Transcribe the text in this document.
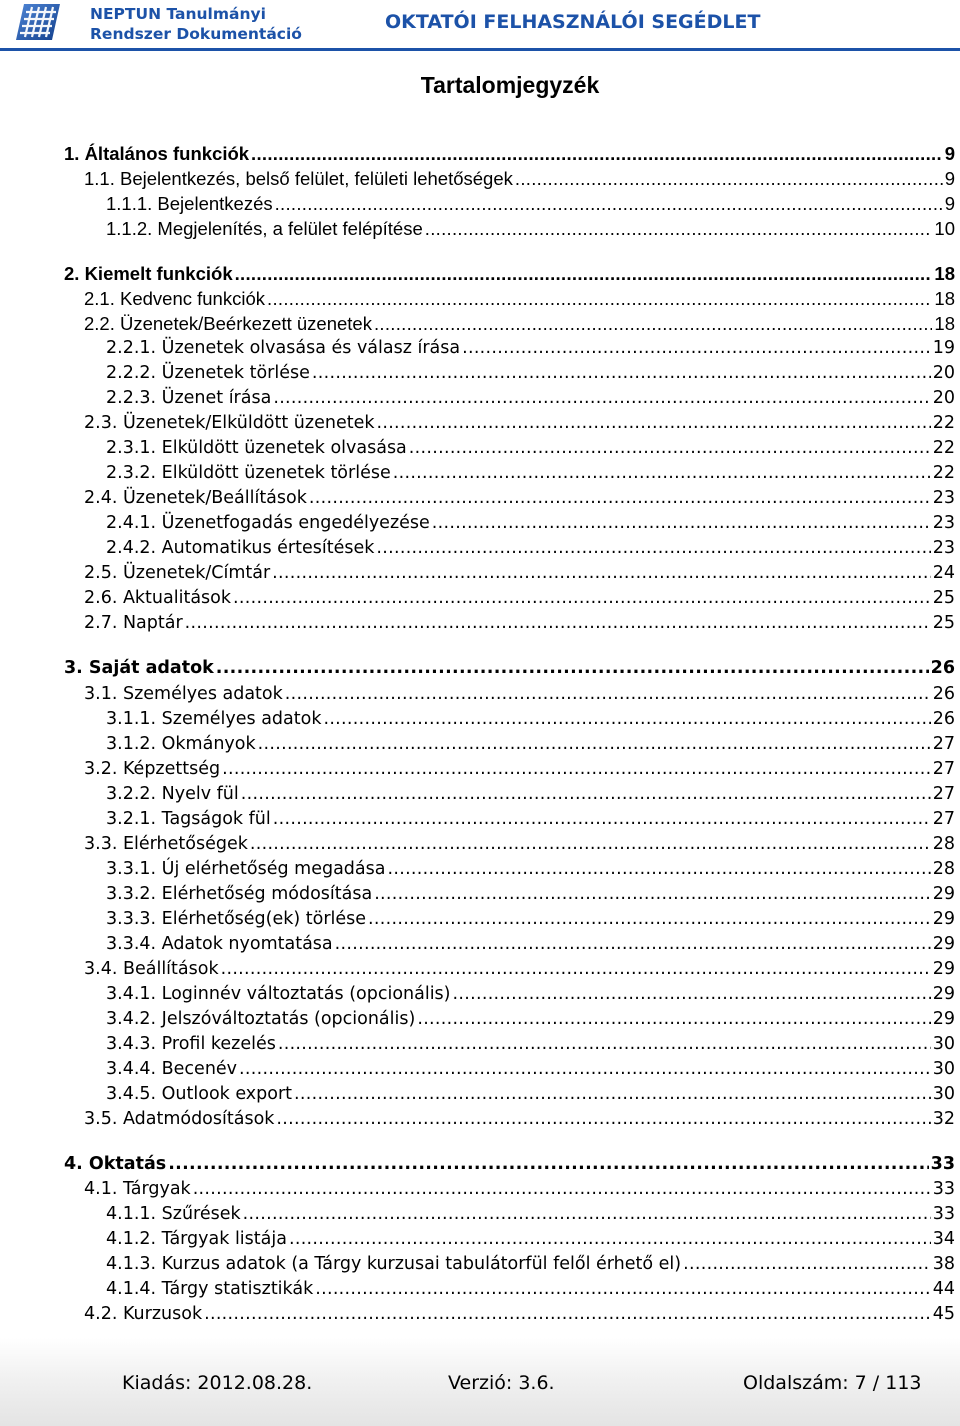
NEPTUN Tanulmányi
Rendszer Dokumentáció
OKTATÓI FELHASZNÁLÓI SEGÉDLET
Tartalomjegyzék
1. Általános funkciók .....	9
1.1. Bejelentkezés, belső felület, felületi lehetőségek .....	9
1.1.1. Bejelentkezés .....	9
1.1.2. Megjelenítés, a felület felépítése .....	10
2. Kiemelt funkciók .....	18
2.1. Kedvenc funkciók .....	18
2.2. Üzenetek/Beérkezett üzenetek .....	18
2.2.1. Üzenetek olvasása és válasz írása .....	19
2.2.2. Üzenetek törlése .....	20
2.2.3. Üzenet írása .....	20
2.3. Üzenetek/Elküldött üzenetek .....	22
2.3.1. Elküldött üzenetek olvasása .....	22
2.3.2. Elküldött üzenetek törlése .....	22
2.4. Üzenetek/Beállítások .....	23
2.4.1. Üzenetfogadás engedélyezése .....	23
2.4.2. Automatikus értesítések .....	23
2.5. Üzenetek/Címtár .....	24
2.6. Aktualitások .....	25
2.7. Naptár .....	25
3. Saját adatok .....	26
3.1. Személyes adatok .....	26
3.1.1. Személyes adatok .....	26
3.1.2. Okmányok .....	27
3.2. Képzettség .....	27
3.2.2. Nyelv fül .....	27
3.2.1. Tagságok fül .....	27
3.3. Elérhetőségek .....	28
3.3.1. Új elérhetőség megadása .....	28
3.3.2. Elérhetőség módosítása .....	29
3.3.3. Elérhetőség(ek) törlése .....	29
3.3.4. Adatok nyomtatása .....	29
3.4. Beállítások .....	29
3.4.1. Loginnév változtatás (opcionális) .....	29
3.4.2. Jelszóváltoztatás (opcionális) .....	29
3.4.3. Profil kezelés .....	30
3.4.4. Becenév .....	30
3.4.5. Outlook export .....	30
3.5. Adatmódosítások .....	32
4. Oktatás .....	33
4.1. Tárgyak .....	33
4.1.1. Szűrések .....	33
4.1.2. Tárgyak listája .....	34
4.1.3. Kurzus adatok (a Tárgy kurzusai tabulátorfül felől érhető el) .....	38
4.1.4. Tárgy statisztikák .....	44
4.2. Kurzusok .....	45
Kiadás: 2012.08.28.	Verzió: 3.6.	Oldalszám: 7 / 113
